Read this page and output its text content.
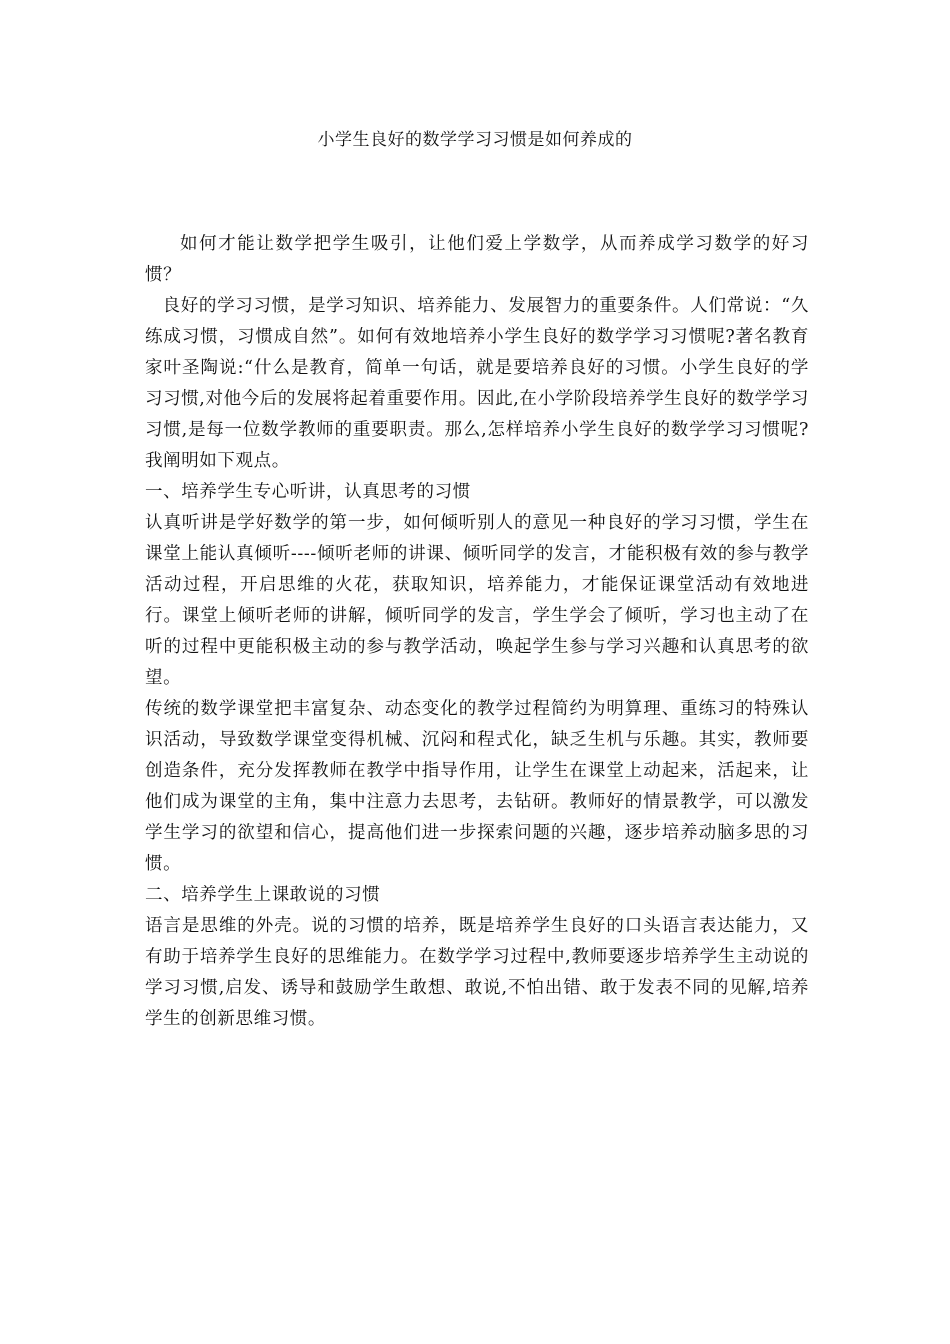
小学生良好的数学学习习惯是如何养成的

如何才能让数学把学生吸引，让他们爱上学数学，从而养成学习数学的好习惯？

良好的学习习惯，是学习知识、培养能力、发展智力的重要条件。人们常说：“久练成习惯，习惯成自然”。如何有效地培养小学生良好的数学学习习惯呢?著名教育家叶圣陶说:“什么是教育，简单一句话，就是要培养良好的习惯。小学生良好的学习习惯,对他今后的发展将起着重要作用。因此,在小学阶段培养学生良好的数学学习习惯,是每一位数学教师的重要职责。那么,怎样培养小学生良好的数学学习习惯呢?我阐明如下观点。

一、培养学生专心听讲，认真思考的习惯

认真听讲是学好数学的第一步，如何倾听别人的意见一种良好的学习习惯，学生在课堂上能认真倾听----倾听老师的讲课、倾听同学的发言，才能积极有效的参与教学活动过程，开启思维的火花，获取知识，培养能力，才能保证课堂活动有效地进行。课堂上倾听老师的讲解，倾听同学的发言，学生学会了倾听，学习也主动了在听的过程中更能积极主动的参与教学活动，唤起学生参与学习兴趣和认真思考的欲望。

传统的数学课堂把丰富复杂、动态变化的教学过程简约为明算理、重练习的特殊认识活动，导致数学课堂变得机械、沉闷和程式化，缺乏生机与乐趣。其实，教师要创造条件，充分发挥教师在教学中指导作用，让学生在课堂上动起来，活起来，让他们成为课堂的主角，集中注意力去思考，去钻研。教师好的情景教学，可以激发学生学习的欲望和信心，提高他们进一步探索问题的兴趣，逐步培养动脑多思的习惯。

二、培养学生上课敢说的习惯

语言是思维的外壳。说的习惯的培养，既是培养学生良好的口头语言表达能力，又有助于培养学生良好的思维能力。在数学学习过程中,教师要逐步培养学生主动说的学习习惯,启发、诱导和鼓励学生敢想、敢说,不怕出错、敢于发表不同的见解,培养学生的创新思维习惯。
